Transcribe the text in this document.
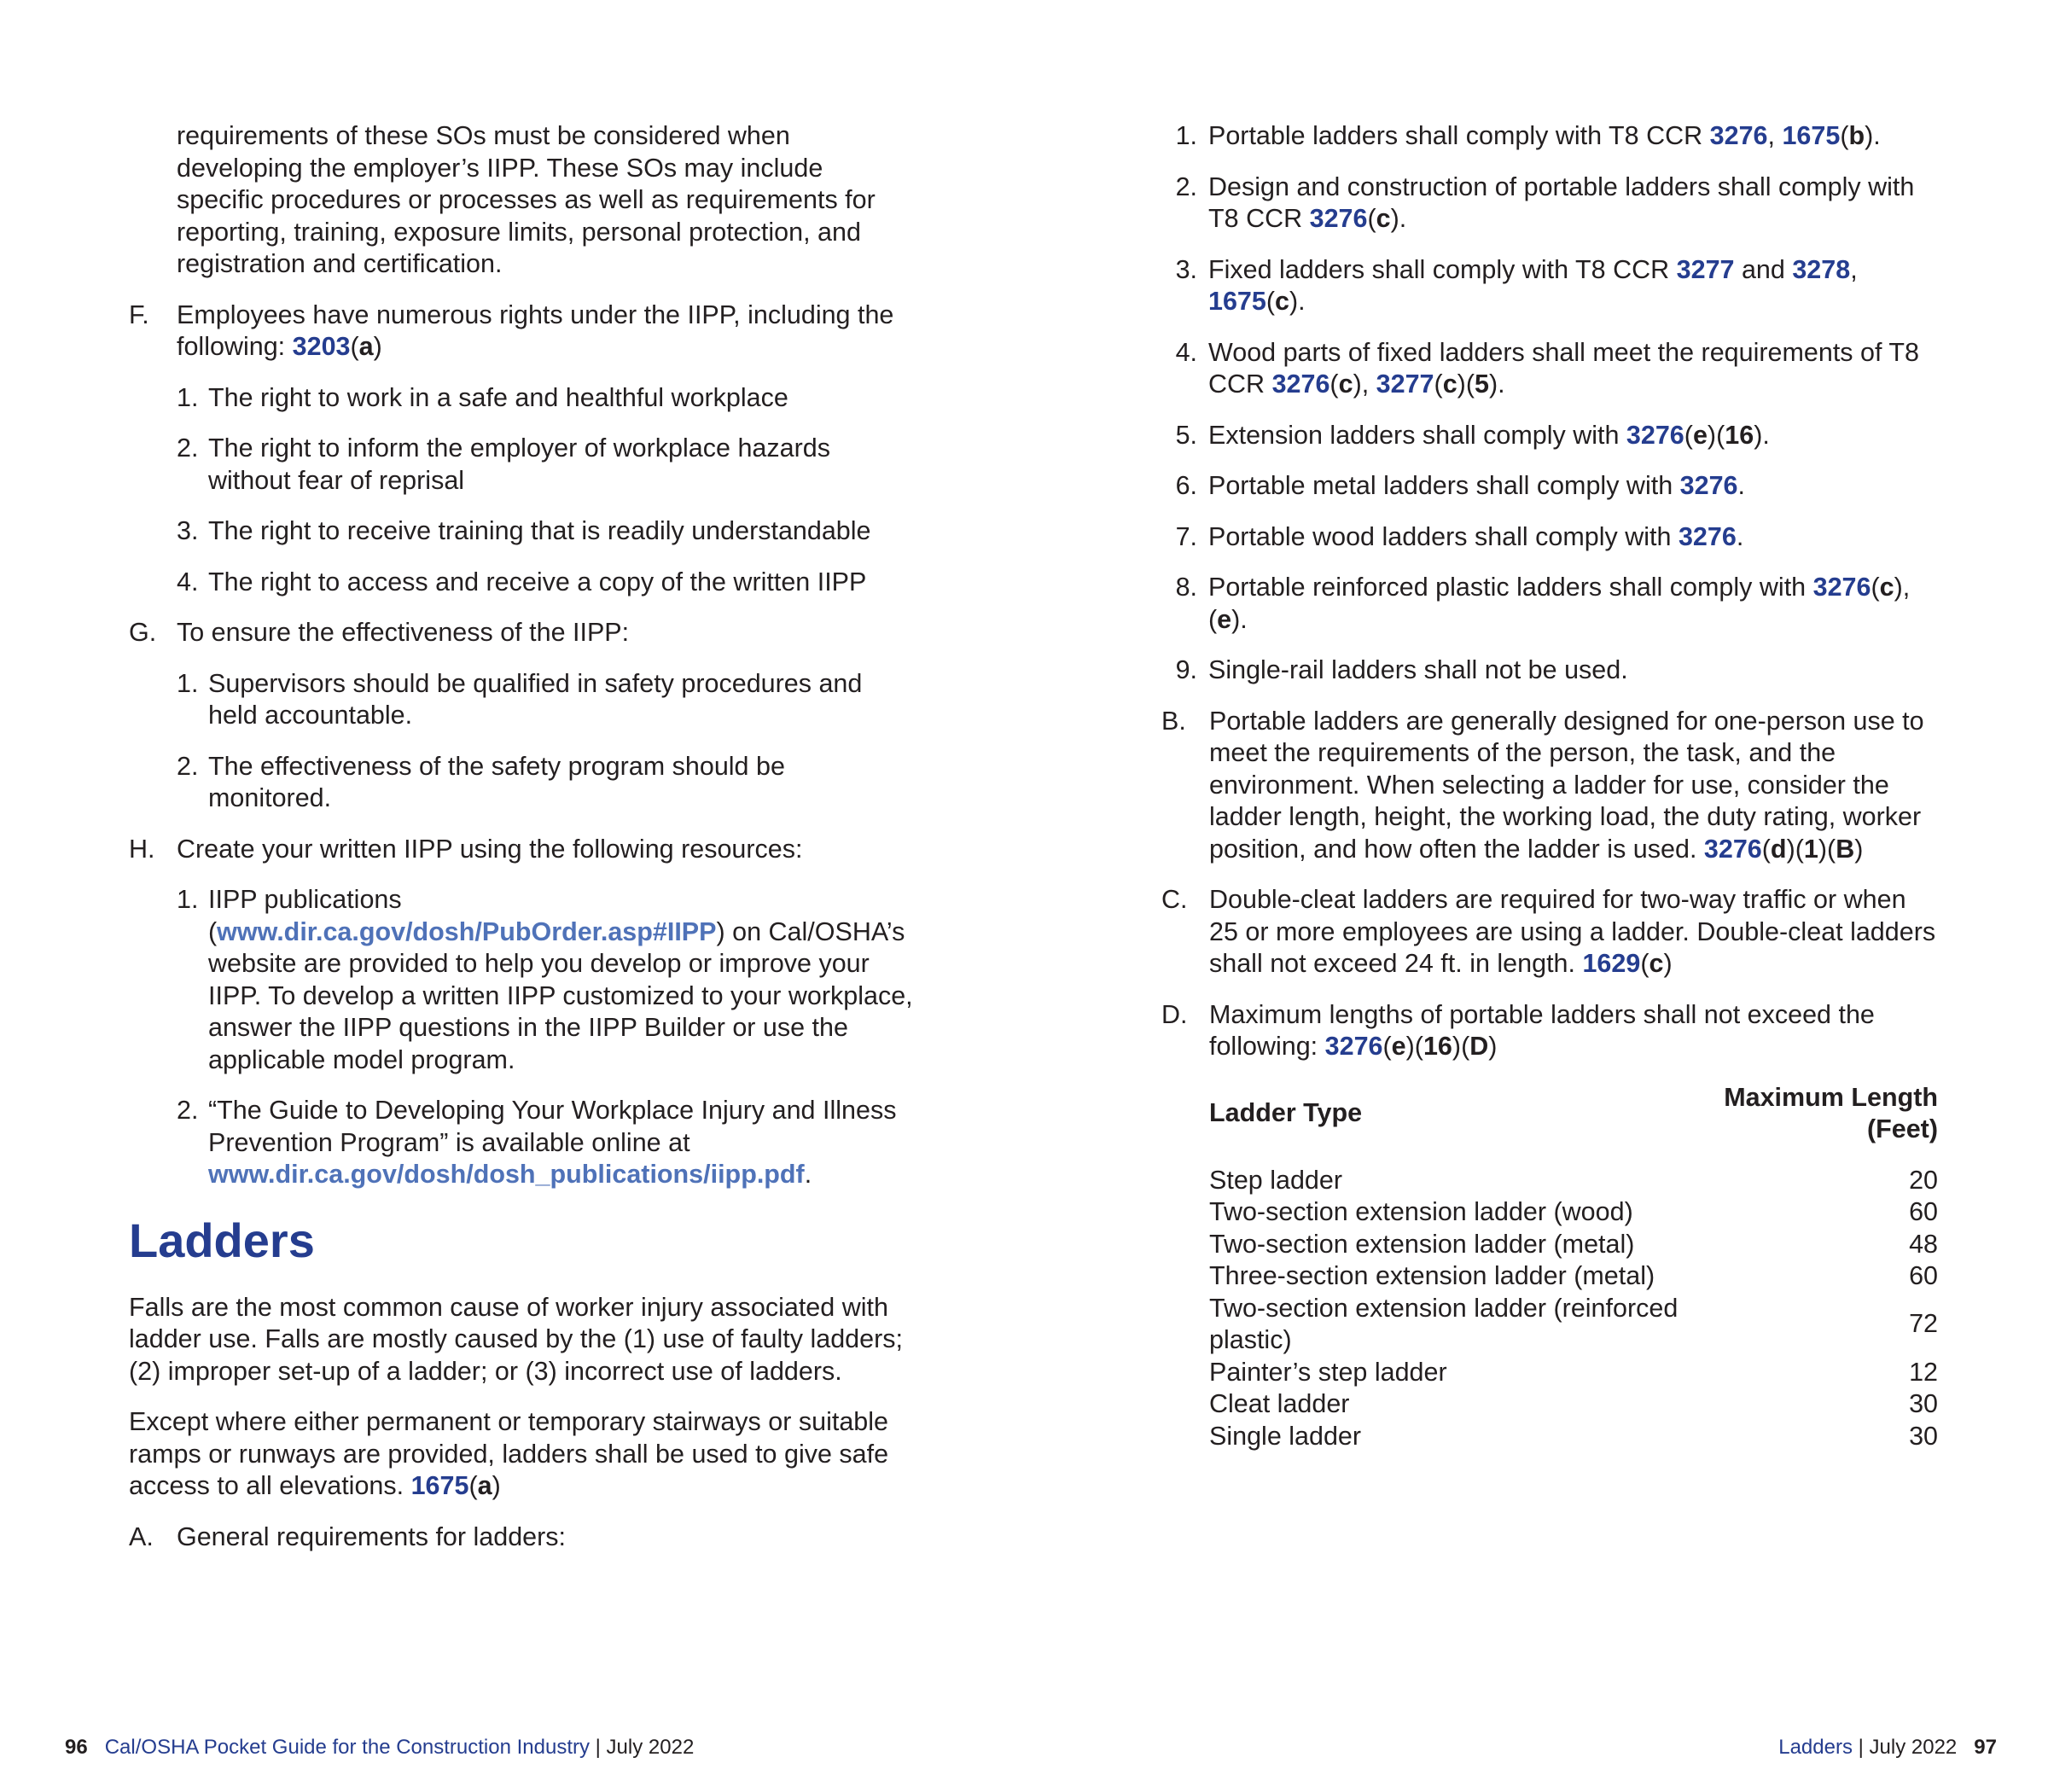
requirements of these SOs must be considered when developing the employer’s IIPP. These SOs may include specific procedures or processes as well as requirements for reporting, training, exposure limits, personal protection, and registration and certification.

F.	Employees have numerous rights under the IIPP, including the following: 3203(a)
1. The right to work in a safe and healthful workplace
2. The right to inform the employer of workplace hazards without fear of reprisal
3. The right to receive training that is readily understandable
4. The right to access and receive a copy of the written IIPP
G. To ensure the effectiveness of the IIPP:
1. Supervisors should be qualified in safety procedures and held accountable.
2. The effectiveness of the safety program should be monitored.
H. Create your written IIPP using the following resources:
1. IIPP publications (www.dir.ca.gov/dosh/PubOrder.asp#IIPP) on Cal/OSHA’s website are provided to help you develop or improve your IIPP. To develop a written IIPP customized to your workplace, answer the IIPP questions in the IIPP Builder or use the applicable model program.
2. “The Guide to Developing Your Workplace Injury and Illness Prevention Program” is available online at www.dir.ca.gov/dosh/dosh_publications/iipp.pdf.
Ladders

Falls are the most common cause of worker injury associated with ladder use. Falls are mostly caused by the (1) use of faulty ladders; (2) improper set-up of a ladder; or (3) incorrect use of ladders.

Except where either permanent or temporary stairways or suitable ramps or runways are provided, ladders shall be used to give safe access to all elevations. 1675(a)

A. General requirements for ladders:
1. Portable ladders shall comply with T8 CCR 3276, 1675(b).
2. Design and construction of portable ladders shall comply with T8 CCR 3276(c).
3. Fixed ladders shall comply with T8 CCR 3277 and 3278, 1675(c).
4. Wood parts of fixed ladders shall meet the requirements of T8 CCR 3276(c), 3277(c)(5).
5. Extension ladders shall comply with 3276(e)(16).
6. Portable metal ladders shall comply with 3276.
7. Portable wood ladders shall comply with 3276.
8. Portable reinforced plastic ladders shall comply with 3276(c), (e).
9. Single-rail ladders shall not be used.
B. Portable ladders are generally designed for one-person use to meet the requirements of the person, the task, and the environment. When selecting a ladder for use, consider the ladder length, height, the working load, the duty rating, worker position, and how often the ladder is used. 3276(d)(1)(B)
C. Double-cleat ladders are required for two-way traffic or when 25 or more employees are using a ladder. Double-cleat ladders shall not exceed 24 ft. in length. 1629(c)
D. Maximum lengths of portable ladders shall not exceed the following: 3276(e)(16)(D)
Ladder Type	Maximum Length (Feet)
Step ladder	20
Two-section extension ladder (wood)	60
Two-section extension ladder (metal)	48
Three-section extension ladder (metal)	60
Two-section extension ladder (reinforced plastic)	72
Painter’s step ladder	12
Cleat ladder	30
Single ladder	30
96 Cal/OSHA Pocket Guide for the Construction Industry | July 2022	Ladders | July 2022 97
